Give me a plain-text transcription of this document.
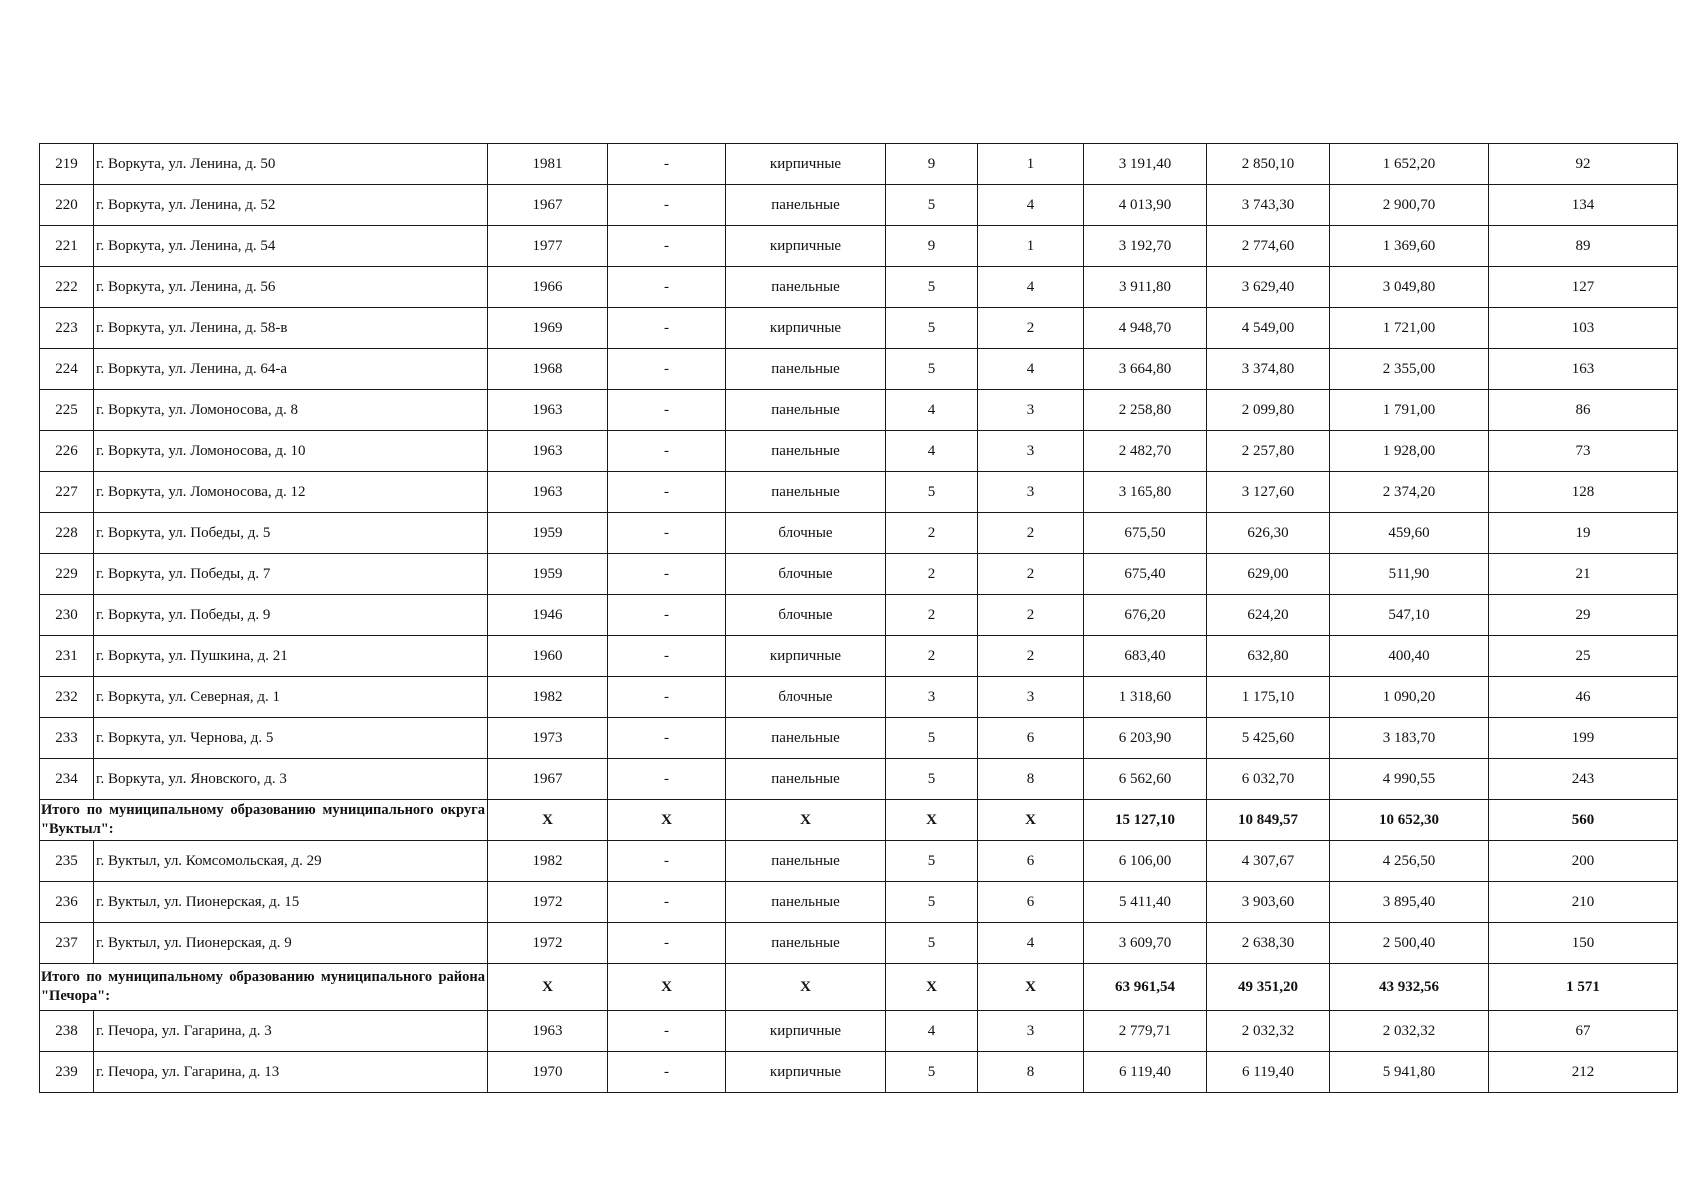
219	г. Воркута, ул. Ленина, д. 50	1981	-	кирпичные	9	1	3 191,40	2 850,10	1 652,20	92
220	г. Воркута, ул. Ленина, д. 52	1967	-	панельные	5	4	4 013,90	3 743,30	2 900,70	134
221	г. Воркута, ул. Ленина, д. 54	1977	-	кирпичные	9	1	3 192,70	2 774,60	1 369,60	89
222	г. Воркута, ул. Ленина, д. 56	1966	-	панельные	5	4	3 911,80	3 629,40	3 049,80	127
223	г. Воркута, ул. Ленина, д. 58-в	1969	-	кирпичные	5	2	4 948,70	4 549,00	1 721,00	103
224	г. Воркута, ул. Ленина, д. 64-а	1968	-	панельные	5	4	3 664,80	3 374,80	2 355,00	163
225	г. Воркута, ул. Ломоносова, д. 8	1963	-	панельные	4	3	2 258,80	2 099,80	1 791,00	86
226	г. Воркута, ул. Ломоносова, д. 10	1963	-	панельные	4	3	2 482,70	2 257,80	1 928,00	73
227	г. Воркута, ул. Ломоносова, д. 12	1963	-	панельные	5	3	3 165,80	3 127,60	2 374,20	128
228	г. Воркута, ул. Победы, д. 5	1959	-	блочные	2	2	675,50	626,30	459,60	19
229	г. Воркута, ул. Победы, д. 7	1959	-	блочные	2	2	675,40	629,00	511,90	21
230	г. Воркута, ул. Победы, д. 9	1946	-	блочные	2	2	676,20	624,20	547,10	29
231	г. Воркута, ул. Пушкина, д. 21	1960	-	кирпичные	2	2	683,40	632,80	400,40	25
232	г. Воркута, ул. Северная, д. 1	1982	-	блочные	3	3	1 318,60	1 175,10	1 090,20	46
233	г. Воркута, ул. Чернова, д. 5	1973	-	панельные	5	6	6 203,90	5 425,60	3 183,70	199
234	г. Воркута, ул. Яновского, д. 3	1967	-	панельные	5	8	6 562,60	6 032,70	4 990,55	243
Итого по муниципальному образованию муниципального округа "Вуктыл":		X	X	X	X	X	15 127,10	10 849,57	10 652,30	560
235	г. Вуктыл, ул. Комсомольская, д. 29	1982	-	панельные	5	6	6 106,00	4 307,67	4 256,50	200
236	г. Вуктыл, ул. Пионерская, д. 15	1972	-	панельные	5	6	5 411,40	3 903,60	3 895,40	210
237	г. Вуктыл, ул. Пионерская, д. 9	1972	-	панельные	5	4	3 609,70	2 638,30	2 500,40	150
Итого по муниципальному образованию муниципального района "Печора":		X	X	X	X	X	63 961,54	49 351,20	43 932,56	1 571
238	г. Печора, ул. Гагарина, д. 3	1963	-	кирпичные	4	3	2 779,71	2 032,32	2 032,32	67
239	г. Печора, ул. Гагарина, д. 13	1970	-	кирпичные	5	8	6 119,40	6 119,40	5 941,80	212
